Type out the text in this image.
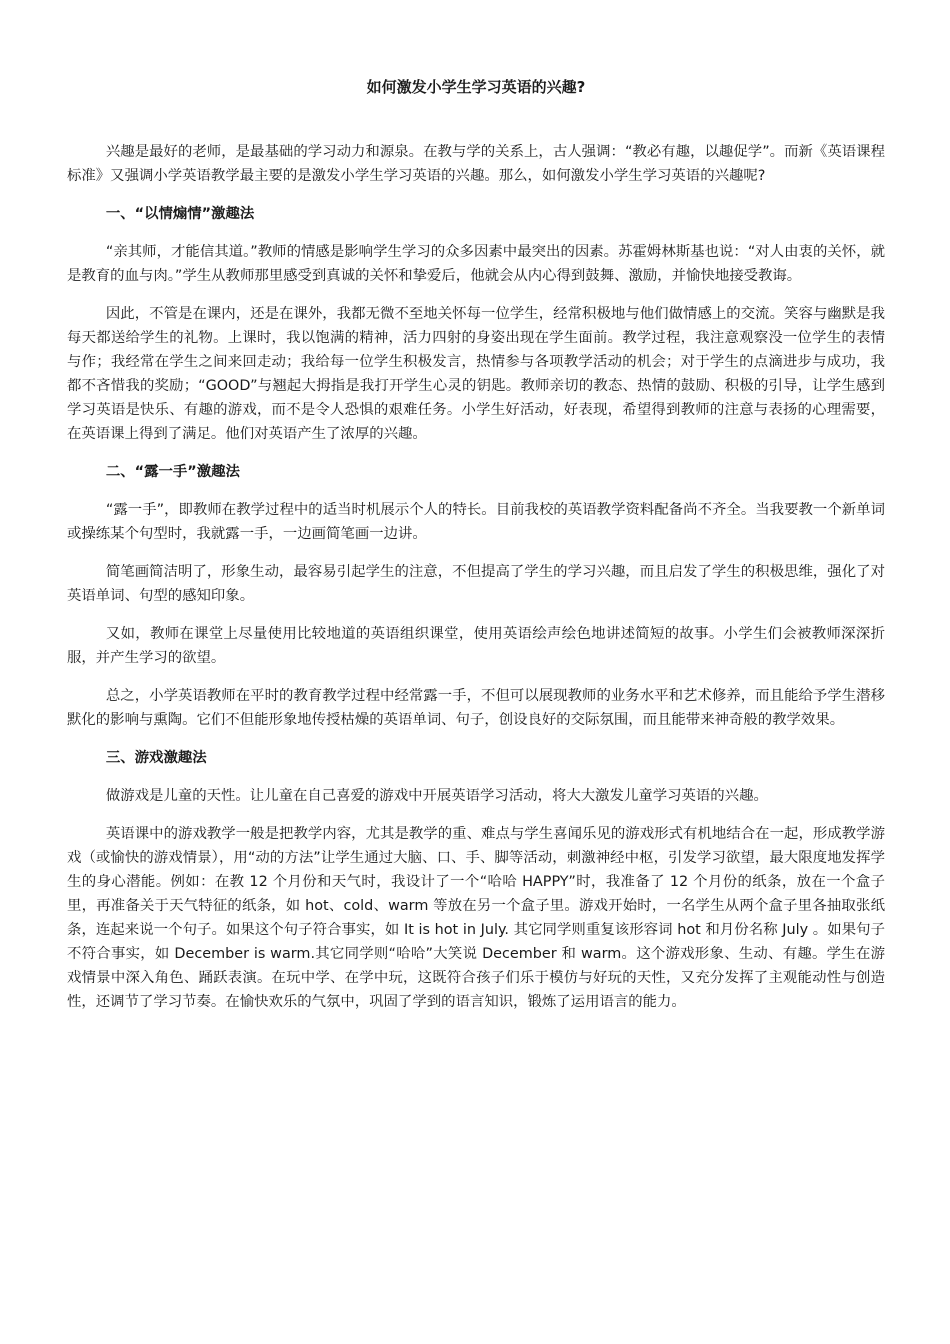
如何激发小学生学习英语的兴趣?

兴趣是最好的老师，是最基础的学习动力和源泉。在教与学的关系上，古人强调：“教必有趣，以趣促学”。而新《英语课程标准》又强调小学英语教学最主要的是激发小学生学习英语的兴趣。那么，如何激发小学生学习英语的兴趣呢?

一、“以情煽情”激趣法

“亲其师，才能信其道。”教师的情感是影响学生学习的众多因素中最突出的因素。苏霍姆林斯基也说：“对人由衷的关怀，就是教育的血与肉。”学生从教师那里感受到真诚的关怀和挚爱后，他就会从内心得到鼓舞、激励，并愉快地接受教诲。

因此，不管是在课内，还是在课外，我都无微不至地关怀每一位学生，经常积极地与他们做情感上的交流。笑容与幽默是我每天都送给学生的礼物。上课时，我以饱满的精神，活力四射的身姿出现在学生面前。教学过程，我注意观察没一位学生的表情与作；我经常在学生之间来回走动；我给每一位学生积极发言，热情参与各项教学活动的机会；对于学生的点滴进步与成功，我都不吝惜我的奖励；“GOOD”与翘起大拇指是我打开学生心灵的钥匙。教师亲切的教态、热情的鼓励、积极的引导，让学生感到学习英语是快乐、有趣的游戏，而不是令人恐惧的艰难任务。小学生好活动，好表现，希望得到教师的注意与表扬的心理需要，在英语课上得到了满足。他们对英语产生了浓厚的兴趣。

二、“露一手”激趣法

“露一手”，即教师在教学过程中的适当时机展示个人的特长。目前我校的英语教学资料配备尚不齐全。当我要教一个新单词或操练某个句型时，我就露一手，一边画简笔画一边讲。

简笔画简洁明了，形象生动，最容易引起学生的注意，不但提高了学生的学习兴趣，而且启发了学生的积极思维，强化了对英语单词、句型的感知印象。

又如，教师在课堂上尽量使用比较地道的英语组织课堂，使用英语绘声绘色地讲述简短的故事。小学生们会被教师深深折服，并产生学习的欲望。

总之，小学英语教师在平时的教育教学过程中经常露一手，不但可以展现教师的业务水平和艺术修养，而且能给予学生潜移默化的影响与熏陶。它们不但能形象地传授枯燥的英语单词、句子，创设良好的交际氛围，而且能带来神奇般的教学效果。

三、游戏激趣法

做游戏是儿童的天性。让儿童在自己喜爱的游戏中开展英语学习活动，将大大激发儿童学习英语的兴趣。

英语课中的游戏教学一般是把教学内容，尤其是教学的重、难点与学生喜闻乐见的游戏形式有机地结合在一起，形成教学游戏（或愉快的游戏情景），用“动的方法”让学生通过大脑、口、手、脚等活动，刺激神经中枢，引发学习欲望，最大限度地发挥学生的身心潜能。例如：在教 12 个月份和天气时，我设计了一个“哈哈 HAPPY”时，我准备了 12 个月份的纸条，放在一个盒子里，再准备关于天气特征的纸条，如 hot、cold、warm 等放在另一个盒子里。游戏开始时，一名学生从两个盒子里各抽取张纸条，连起来说一个句子。如果这个句子符合事实，如 It is hot in July. 其它同学则重复该形容词 hot 和月份名称 July 。如果句子不符合事实，如 December is warm.其它同学则“哈哈”大笑说 December 和 warm。这个游戏形象、生动、有趣。学生在游戏情景中深入角色、踊跃表演。在玩中学、在学中玩，这既符合孩子们乐于模仿与好玩的天性，又充分发挥了主观能动性与创造性，还调节了学习节奏。在愉快欢乐的气氛中，巩固了学到的语言知识，锻炼了运用语言的能力。
